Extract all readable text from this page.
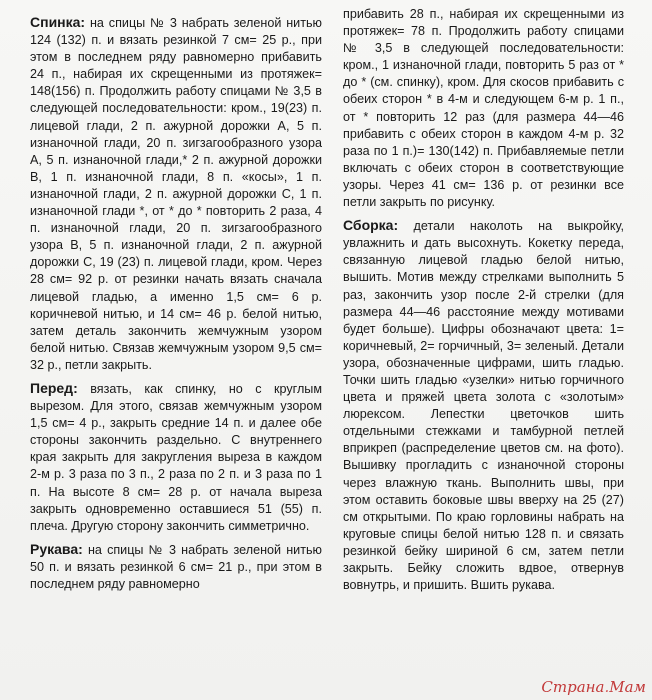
Спинка: на спицы № 3 набрать зеленой нитью 124 (132) п. и вязать резинкой 7 см= 25 р., при этом в последнем ряду равномерно прибавить 24 п., набирая их скрещенными из протяжек= 148(156) п. Продолжить работу спицами № 3,5 в следующей последовательности: кром., 19(23) п. лицевой глади, 2 п. ажурной дорожки А, 5 п. изнаночной глади, 20 п. зигзагообразного узора А, 5 п. изнаночной глади,* 2 п. ажурной дорожки В, 1 п. изнаночной глади, 8 п. «косы», 1 п. изнаночной глади, 2 п. ажурной дорожки С, 1 п. изнаночной глади *, от * до * повторить 2 раза, 4 п. изнаночной глади, 20 п. зигзагообразного узора В, 5 п. изнаночной глади, 2 п. ажурной дорожки С, 19 (23) п. лицевой глади, кром. Через 28 см= 92 р. от резинки начать вязать сначала лицевой гладью, а именно 1,5 см= 6 р. коричневой нитью, и 14 см= 46 р. белой нитью, затем деталь закончить жемчужным узором белой нитью. Связав жемчужным узором 9,5 см= 32 р., петли закрыть.

Перед: вязать, как спинку, но с круглым вырезом. Для этого, связав жемчужным узором 1,5 см= 4 р., закрыть средние 14 п. и далее обе стороны закончить раздельно. С внутреннего края закрыть для закругления выреза в каждом 2-м р. 3 раза по 3 п., 2 раза по 2 п. и 3 раза по 1 п. На высоте 8 см= 28 р. от начала выреза закрыть одновременно оставшиеся 51 (55) п. плеча. Другую сторону закончить симметрично.

Рукава: на спицы № 3 набрать зеленой нитью 50 п. и вязать резинкой 6 см= 21 р., при этом в последнем ряду равномерно

прибавить 28 п., набирая их скрещенными из протяжек= 78 п. Продолжить работу спицами № 3,5 в следующей последовательности: кром., 1 изнаночной глади, повторить 5 раз от * до * (см. спинку), кром. Для скосов прибавить с обеих сторон * в 4-м и следующем 6-м р. 1 п., от * повторить 12 раз (для размера 44—46 прибавить с обеих сторон в каждом 4-м р. 32 раза по 1 п.)= 130(142) п. Прибавляемые петли включать с обеих сторон в соответствующие узоры. Через 41 см= 136 р. от резинки все петли закрыть по рисунку.

Сборка: детали наколоть на выкройку, увлажнить и дать высохнуть. Кокетку переда, связанную лицевой гладью белой нитью, вышить. Мотив между стрелками выполнить 5 раз, закончить узор после 2-й стрелки (для размера 44—46 расстояние между мотивами будет больше). Цифры обозначают цвета: 1= коричневый, 2= горчичный, 3= зеленый. Детали узора, обозначенные цифрами, шить гладью. Точки шить гладью «узелки» нитью горчичного цвета и пряжей цвета золота с «золотым» люрексом. Лепестки цветочков шить отдельными стежками и тамбурной петлей вприкреп (распределение цветов см. на фото). Вышивку прогладить с изнаночной стороны через влажную ткань. Выполнить швы, при этом оставить боковые швы вверху на 25 (27) см открытыми. По краю горловины набрать на круговые спицы белой нитью 128 п. и связать резинкой бейку шириной 6 см, затем петли закрыть. Бейку сложить вдвое, отвернув вовнутрь, и пришить. Вшить рукава.

Страна.Мам
